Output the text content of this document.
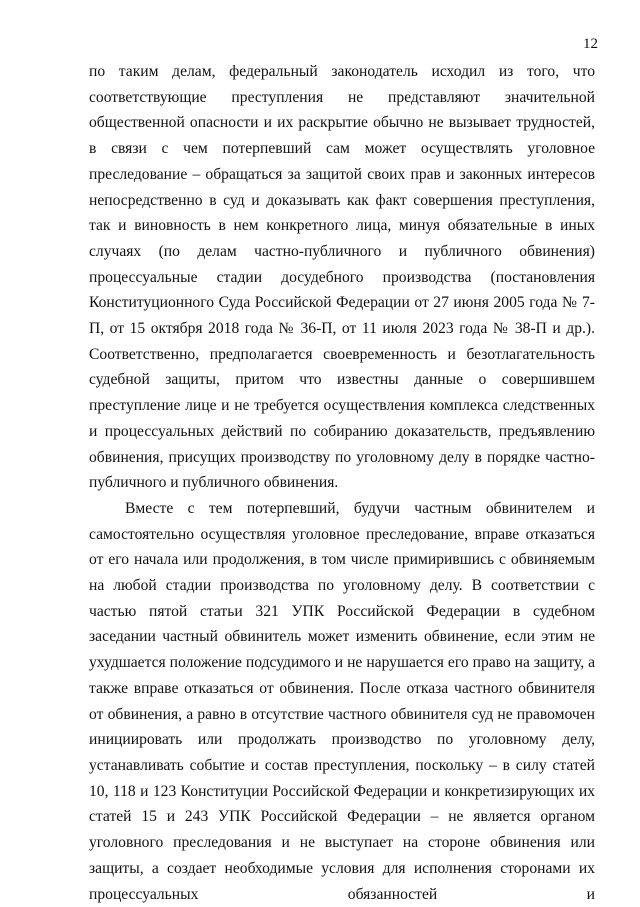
12

по таким делам, федеральный законодатель исходил из того, что соответствующие преступления не представляют значительной общественной опасности и их раскрытие обычно не вызывает трудностей, в связи с чем потерпевший сам может осуществлять уголовное преследование – обращаться за защитой своих прав и законных интересов непосредственно в суд и доказывать как факт совершения преступления, так и виновность в нем конкретного лица, минуя обязательные в иных случаях (по делам частно-публичного и публичного обвинения) процессуальные стадии досудебного производства (постановления Конституционного Суда Российской Федерации от 27 июня 2005 года № 7-П, от 15 октября 2018 года № 36-П, от 11 июля 2023 года № 38-П и др.). Соответственно, предполагается своевременность и безотлагательность судебной защиты, притом что известны данные о совершившем преступление лице и не требуется осуществления комплекса следственных и процессуальных действий по собиранию доказательств, предъявлению обвинения, присущих производству по уголовному делу в порядке частно-публичного и публичного обвинения.

Вместе с тем потерпевший, будучи частным обвинителем и самостоятельно осуществляя уголовное преследование, вправе отказаться от его начала или продолжения, в том числе примирившись с обвиняемым на любой стадии производства по уголовному делу. В соответствии с частью пятой статьи 321 УПК Российской Федерации в судебном заседании частный обвинитель может изменить обвинение, если этим не ухудшается положение подсудимого и не нарушается его право на защиту, а также вправе отказаться от обвинения. После отказа частного обвинителя от обвинения, а равно в отсутствие частного обвинителя суд не правомочен инициировать или продолжать производство по уголовному делу, устанавливать событие и состав преступления, поскольку – в силу статей 10, 118 и 123 Конституции Российской Федерации и конкретизирующих их статей 15 и 243 УПК Российской Федерации – не является органом уголовного преследования и не выступает на стороне обвинения или защиты, а создает необходимые условия для исполнения сторонами их процессуальных обязанностей и
